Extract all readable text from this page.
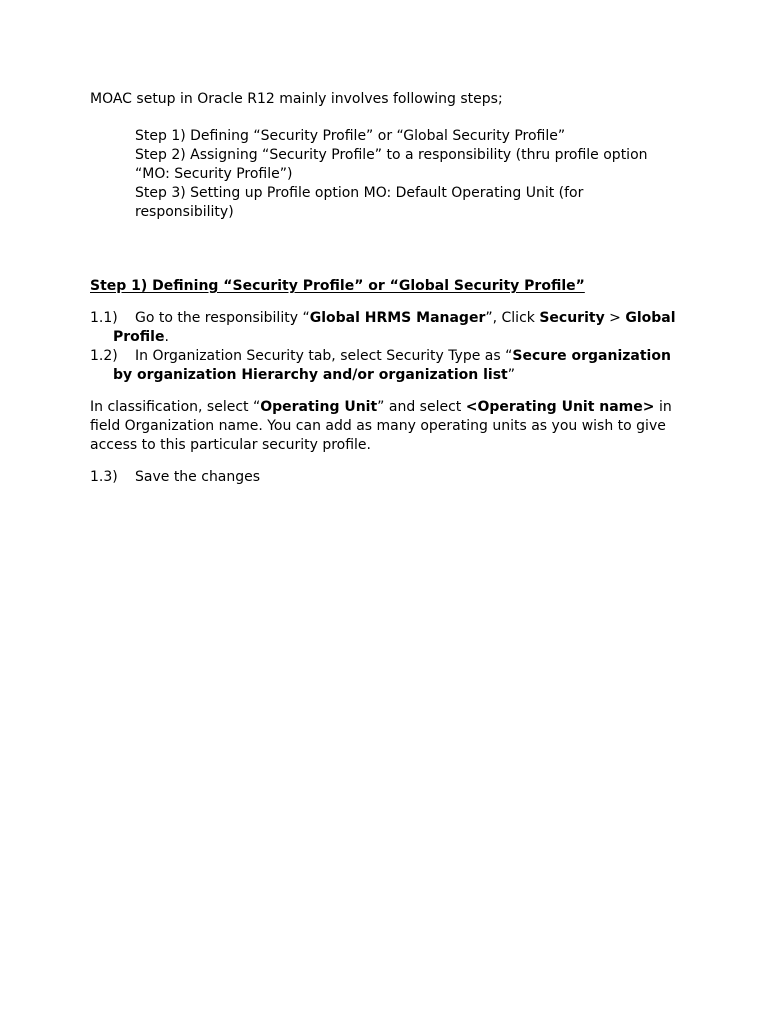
MOAC setup in Oracle R12 mainly involves following steps;

Step 1) Defining “Security Profile” or “Global Security Profile”

Step 2) Assigning “Security Profile” to a responsibility (thru profile option “MO: Security Profile”)

Step 3) Setting up Profile option MO: Default Operating Unit (for responsibility)

Step 1) Defining “Security Profile” or “Global Security Profile”

1.1) Go to the responsibility “Global HRMS Manager”, Click Security > Global Profile.

1.2) In Organization Security tab, select Security Type as “Secure organization by organization Hierarchy and/or organization list”

In classification, select “Operating Unit” and select <Operating Unit name> in field Organization name. You can add as many operating units as you wish to give access to this particular security profile.

1.3)	Save the changes
